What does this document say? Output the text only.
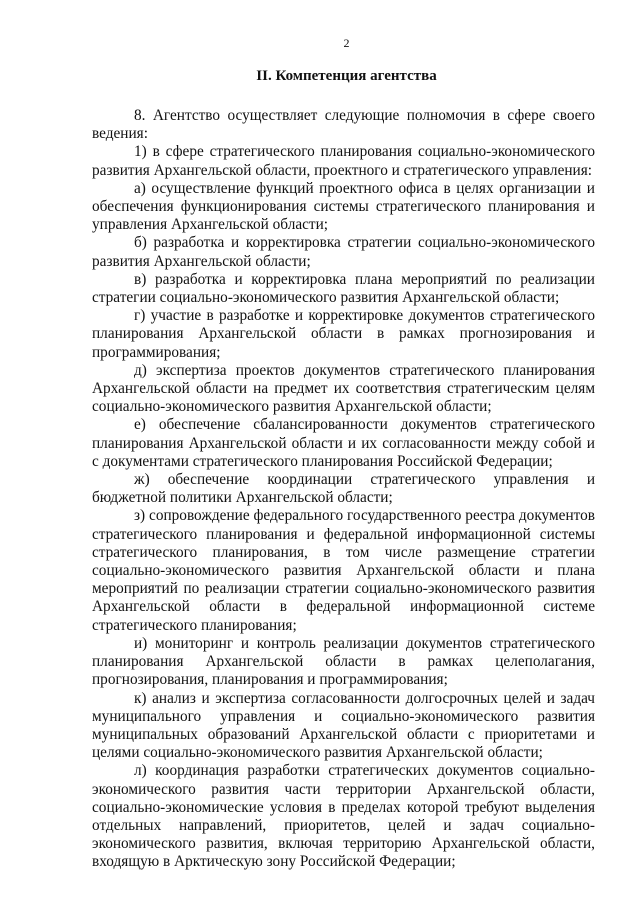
2
II. Компетенция агентства

8. Агентство осуществляет следующие полномочия в сфере своего ведения:

1) в сфере стратегического планирования социально-экономического развития Архангельской области, проектного и стратегического управления:

а) осуществление функций проектного офиса в целях организации и обеспечения функционирования системы стратегического планирования и управления Архангельской области;

б) разработка и корректировка стратегии социально-экономического развития Архангельской области;

в) разработка и корректировка плана мероприятий по реализации стратегии социально-экономического развития Архангельской области;

г) участие в разработке и корректировке документов стратегического планирования Архангельской области в рамках прогнозирования и программирования;

д) экспертиза проектов документов стратегического планирования Архангельской области на предмет их соответствия стратегическим целям социально-экономического развития Архангельской области;

е) обеспечение сбалансированности документов стратегического планирования Архангельской области и их согласованности между собой и с документами стратегического планирования Российской Федерации;

ж) обеспечение координации стратегического управления и бюджетной политики Архангельской области;

з) сопровождение федерального государственного реестра документов стратегического планирования и федеральной информационной системы стратегического планирования, в том числе размещение стратегии социально-экономического развития Архангельской области и плана мероприятий по реализации стратегии социально-экономического развития Архангельской области в федеральной информационной системе стратегического планирования;

и) мониторинг и контроль реализации документов стратегического планирования Архангельской области в рамках целеполагания, прогнозирования, планирования и программирования;

к) анализ и экспертиза согласованности долгосрочных целей и задач муниципального управления и социально-экономического развития муниципальных образований Архангельской области с приоритетами и целями социально-экономического развития Архангельской области;

л) координация разработки стратегических документов социально-экономического развития части территории Архангельской области, социально-экономические условия в пределах которой требуют выделения отдельных направлений, приоритетов, целей и задач социально-экономического развития, включая территорию Архангельской области, входящую в Арктическую зону Российской Федерации;
